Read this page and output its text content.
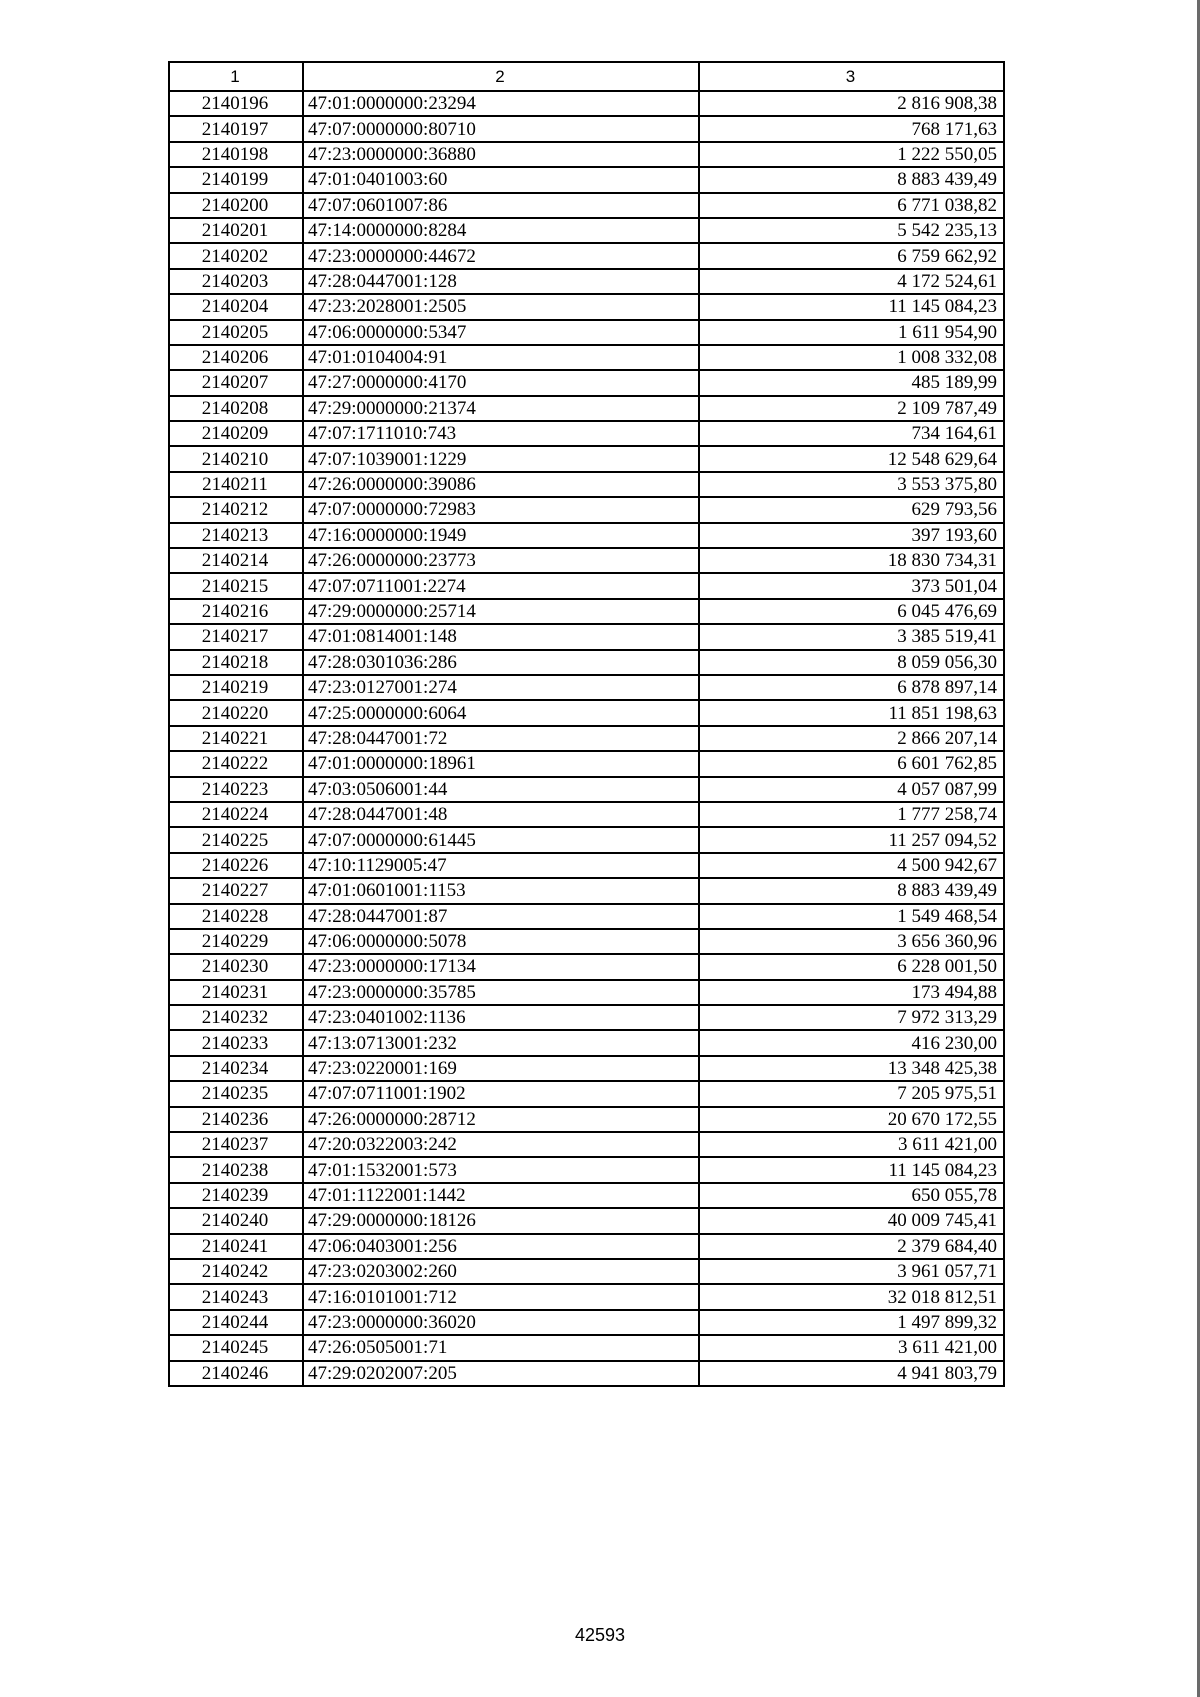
1	2	3
2140196	47:01:0000000:23294	2 816 908,38
2140197	47:07:0000000:80710	768 171,63
2140198	47:23:0000000:36880	1 222 550,05
2140199	47:01:0401003:60	8 883 439,49
2140200	47:07:0601007:86	6 771 038,82
2140201	47:14:0000000:8284	5 542 235,13
2140202	47:23:0000000:44672	6 759 662,92
2140203	47:28:0447001:128	4 172 524,61
2140204	47:23:2028001:2505	11 145 084,23
2140205	47:06:0000000:5347	1 611 954,90
2140206	47:01:0104004:91	1 008 332,08
2140207	47:27:0000000:4170	485 189,99
2140208	47:29:0000000:21374	2 109 787,49
2140209	47:07:1711010:743	734 164,61
2140210	47:07:1039001:1229	12 548 629,64
2140211	47:26:0000000:39086	3 553 375,80
2140212	47:07:0000000:72983	629 793,56
2140213	47:16:0000000:1949	397 193,60
2140214	47:26:0000000:23773	18 830 734,31
2140215	47:07:0711001:2274	373 501,04
2140216	47:29:0000000:25714	6 045 476,69
2140217	47:01:0814001:148	3 385 519,41
2140218	47:28:0301036:286	8 059 056,30
2140219	47:23:0127001:274	6 878 897,14
2140220	47:25:0000000:6064	11 851 198,63
2140221	47:28:0447001:72	2 866 207,14
2140222	47:01:0000000:18961	6 601 762,85
2140223	47:03:0506001:44	4 057 087,99
2140224	47:28:0447001:48	1 777 258,74
2140225	47:07:0000000:61445	11 257 094,52
2140226	47:10:1129005:47	4 500 942,67
2140227	47:01:0601001:1153	8 883 439,49
2140228	47:28:0447001:87	1 549 468,54
2140229	47:06:0000000:5078	3 656 360,96
2140230	47:23:0000000:17134	6 228 001,50
2140231	47:23:0000000:35785	173 494,88
2140232	47:23:0401002:1136	7 972 313,29
2140233	47:13:0713001:232	416 230,00
2140234	47:23:0220001:169	13 348 425,38
2140235	47:07:0711001:1902	7 205 975,51
2140236	47:26:0000000:28712	20 670 172,55
2140237	47:20:0322003:242	3 611 421,00
2140238	47:01:1532001:573	11 145 084,23
2140239	47:01:1122001:1442	650 055,78
2140240	47:29:0000000:18126	40 009 745,41
2140241	47:06:0403001:256	2 379 684,40
2140242	47:23:0203002:260	3 961 057,71
2140243	47:16:0101001:712	32 018 812,51
2140244	47:23:0000000:36020	1 497 899,32
2140245	47:26:0505001:71	3 611 421,00
2140246	47:29:0202007:205	4 941 803,79
42593
